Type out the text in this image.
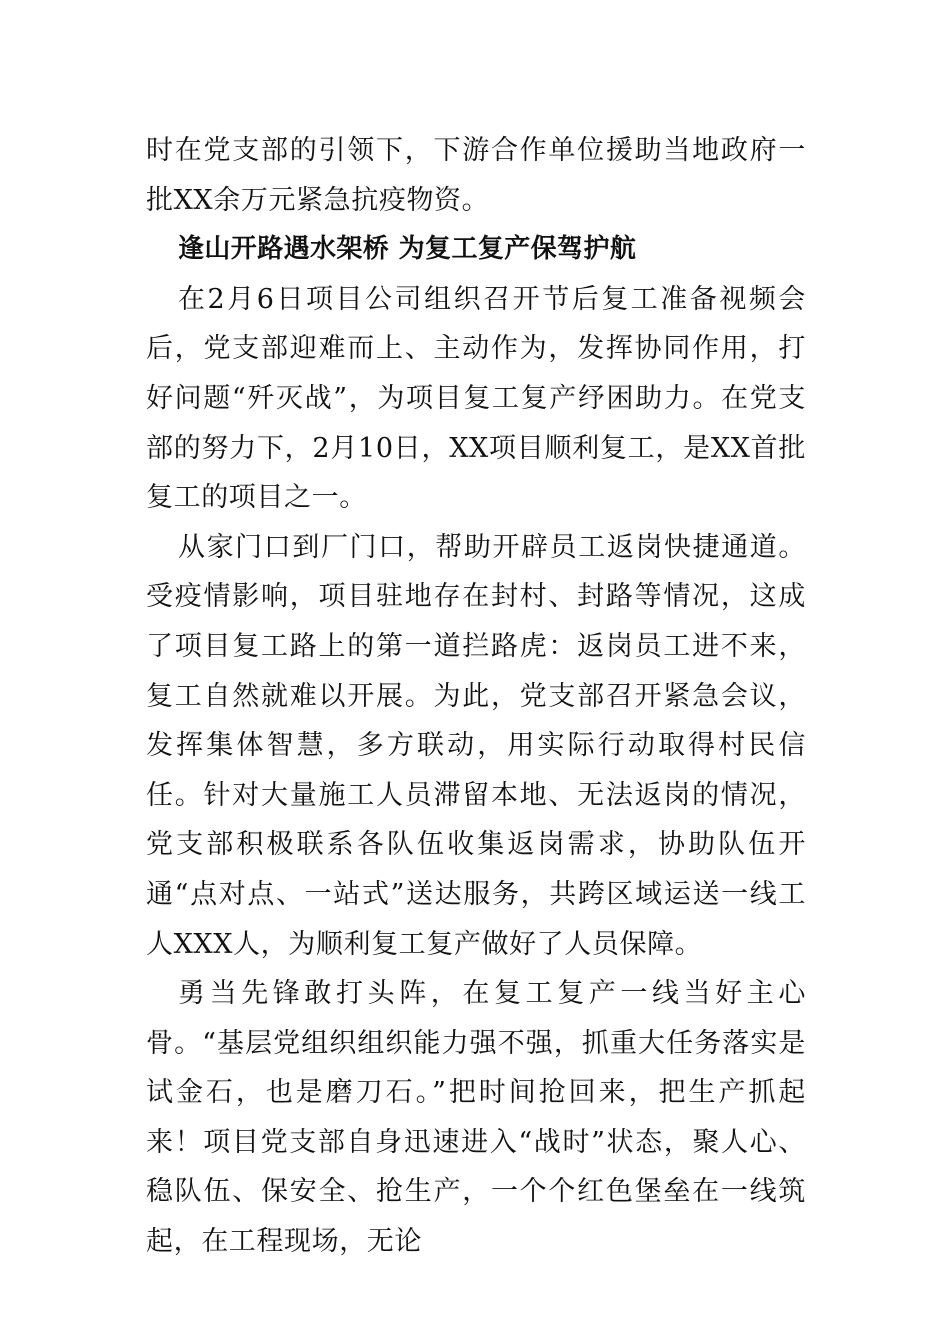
时在党支部的引领下，下游合作单位援助当地政府一批XX余万元紧急抗疫物资。

逢山开路遇水架桥 为复工复产保驾护航

在2月6日项目公司组织召开节后复工准备视频会后，党支部迎难而上、主动作为，发挥协同作用，打好问题“歼灭战”，为项目复工复产纾困助力。在党支部的努力下，2月10日，XX项目顺利复工，是XX首批复工的项目之一。

从家门口到厂门口，帮助开辟员工返岗快捷通道。受疫情影响，项目驻地存在封村、封路等情况，这成了项目复工路上的第一道拦路虎：返岗员工进不来，复工自然就难以开展。为此，党支部召开紧急会议，发挥集体智慧，多方联动，用实际行动取得村民信任。针对大量施工人员滞留本地、无法返岗的情况，党支部积极联系各队伍收集返岗需求，协助队伍开通“点对点、一站式”送达服务，共跨区域运送一线工人XXX人，为顺利复工复产做好了人员保障。

勇当先锋敢打头阵，在复工复产一线当好主心骨。“基层党组织组织能力强不强，抓重大任务落实是试金石，也是磨刀石。”把时间抢回来，把生产抓起来！项目党支部自身迅速进入“战时”状态，聚人心、稳队伍、保安全、抢生产，一个个红色堡垒在一线筑起，在工程现场，无论
